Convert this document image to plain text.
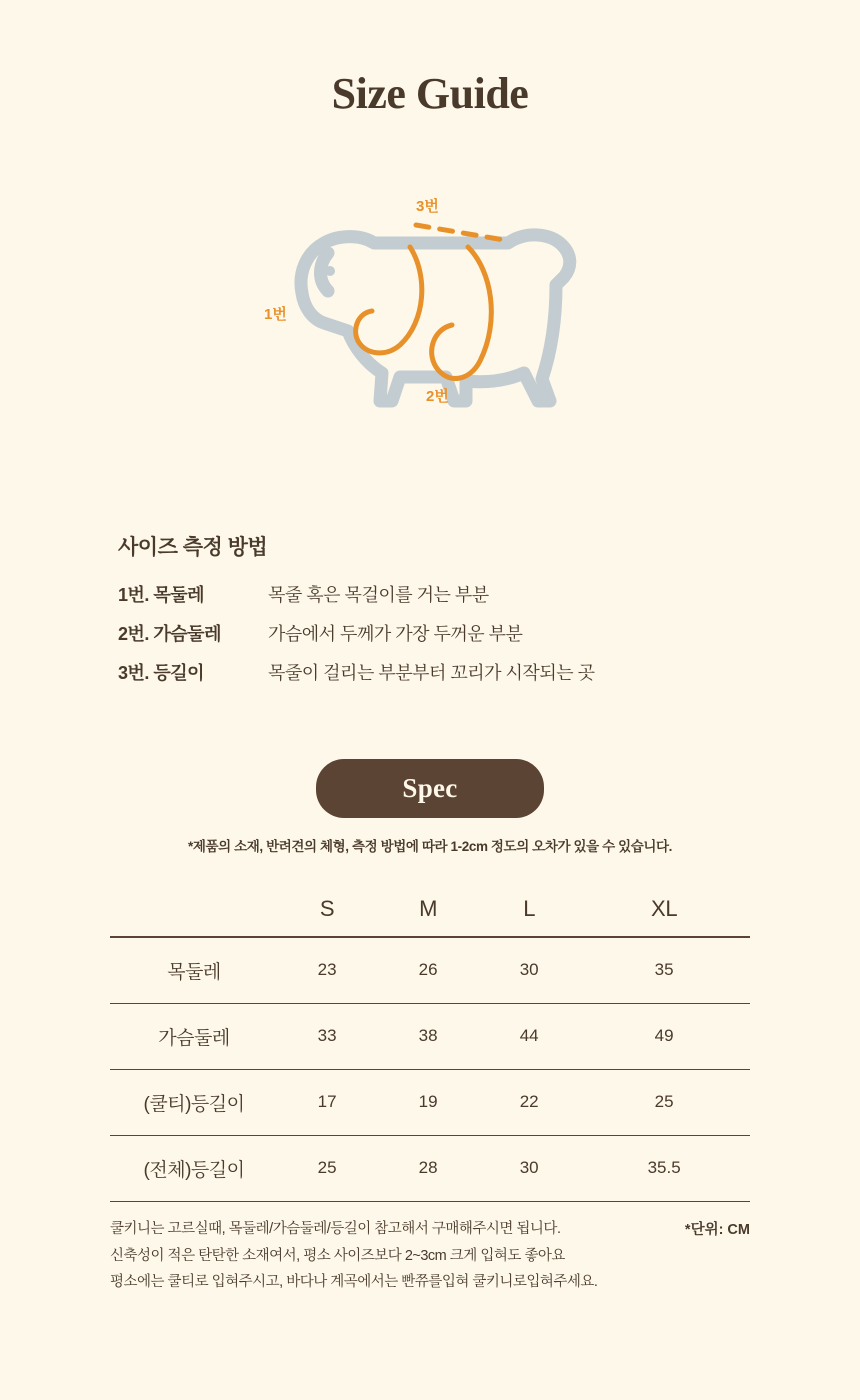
Size Guide
1번
2번
3번
사이즈 측정 방법
1번. 목둘레	목줄 혹은 목걸이를 거는 부분
2번. 가슴둘레	가슴에서 두께가 가장 두꺼운 부분
3번. 등길이	목줄이 걸리는 부분부터 꼬리가 시작되는 곳
Spec
*제품의 소재, 반려견의 체형, 측정 방법에 따라 1-2cm 정도의 오차가 있을 수 있습니다.
	S	M	L	XL
목둘레	23	26	30	35
가슴둘레	33	38	44	49
(쿨티)등길이	17	19	22	25
(전체)등길이	25	28	30	35.5
쿨키니는 고르실때, 목둘레/가슴둘레/등길이 참고해서 구매해주시면 됩니다.
신축성이 적은 탄탄한 소재여서, 평소 사이즈보다 2~3cm 크게 입혀도 좋아요
평소에는 쿨티로 입혀주시고, 바다나 계곡에서는 빤쮸를입혀 쿨키니로입혀주세요.
*단위: CM
